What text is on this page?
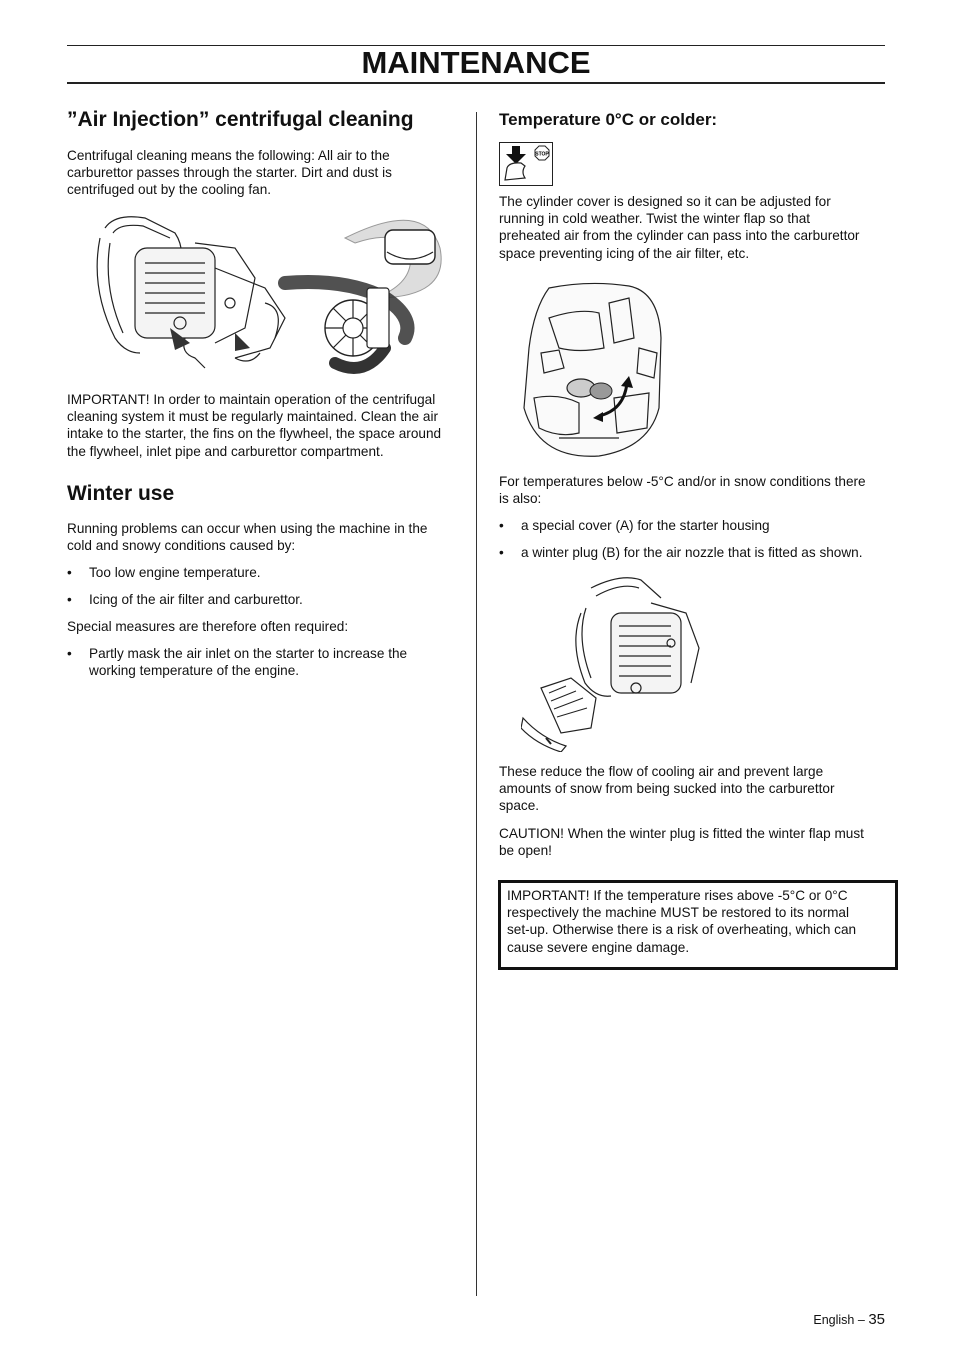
MAINTENANCE
”Air Injection” centrifugal cleaning

Centrifugal cleaning means the following: All air to the
carburettor passes through the starter. Dirt and dust is
centrifuged out by the cooling fan.

IMPORTANT! In order to maintain operation of the centrifugal
cleaning system it must be regularly maintained. Clean the air
intake to the starter, the fins on the flywheel, the space around
the flywheel, inlet pipe and carburettor compartment.

Winter use

Running problems can occur when using the machine in the
cold and snowy conditions caused by:

• Too low engine temperature.
• Icing of the air filter and carburettor.

Special measures are therefore often required:

• Partly mask the air inlet on the starter to increase the
working temperature of the engine.
Temperature 0°C or colder:
STOP

The cylinder cover is designed so it can be adjusted for
running in cold weather. Twist the winter flap so that
preheated air from the cylinder can pass into the carburettor
space preventing icing of the air filter, etc.

For temperatures below -5°C and/or in snow conditions there
is also:

• a special cover (A) for the starter housing
• a winter plug (B) for the air nozzle that is fitted as shown.

These reduce the flow of cooling air and prevent large
amounts of snow from being sucked into the carburettor
space.

CAUTION! When the winter plug is fitted the winter flap must
be open!

IMPORTANT! If the temperature rises above -5°C or 0°C
respectively the machine MUST be restored to its normal
set-up. Otherwise there is a risk of overheating, which can
cause severe engine damage.

English – 35
